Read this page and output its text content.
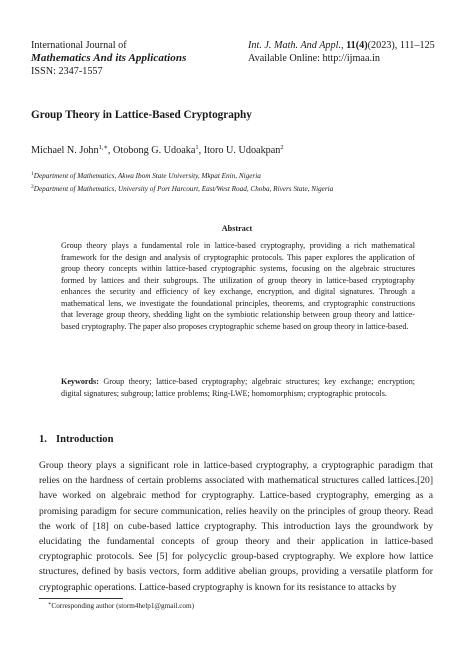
International Journal of
Mathematics And its Applications
ISSN: 2347-1557
Int. J. Math. And Appl., 11(4)(2023), 111–125
Available Online: http://ijmaa.in
Group Theory in Lattice-Based Cryptography
Michael N. John$^{1,∗}$, Otobong G. Udoaka$^1$, Itoro U. Udoakpan$^2$
$^1$Department of Mathematics, Akwa Ibom State University, Mkpat Enin, Nigeria
$^2$Department of Mathematics, University of Port Harcourt, East/West Road, Choba, Rivers State, Nigeria
Abstract
Group theory plays a fundamental role in lattice-based cryptography, providing a rich mathematical framework for the design and analysis of cryptographic protocols. This paper explores the application of group theory concepts within lattice-based cryptographic systems, focusing on the algebraic structures formed by lattices and their subgroups. The utilization of group theory in lattice-based cryptography enhances the security and efficiency of key exchange, encryption, and digital signatures. Through a mathematical lens, we investigate the foundational principles, theorems, and cryptographic constructions that leverage group theory, shedding light on the symbiotic relationship between group theory and lattice-based cryptography. The paper also proposes cryptographic scheme based on group theory in lattice-based.
Keywords: Group theory; lattice-based cryptography; algebraic structures; key exchange; encryption; digital signatures; subgroup; lattice problems; Ring-LWE; homomorphism; cryptographic protocols.
1. Introduction
Group theory plays a significant role in lattice-based cryptography, a cryptographic paradigm that relies on the hardness of certain problems associated with mathematical structures called lattices.[20] have worked on algebraic method for cryptography. Lattice-based cryptography, emerging as a promising paradigm for secure communication, relies heavily on the principles of group theory. Read the work of [18] on cube-based lattice cryptography. This introduction lays the groundwork by elucidating the fundamental concepts of group theory and their application in lattice-based cryptographic protocols. See [5] for polycyclic group-based cryptography. We explore how lattice structures, defined by basis vectors, form additive abelian groups, providing a versatile platform for cryptographic operations. Lattice-based cryptography is known for its resistance to attacks by
∗Corresponding author (storm4help1@gmail.com)
